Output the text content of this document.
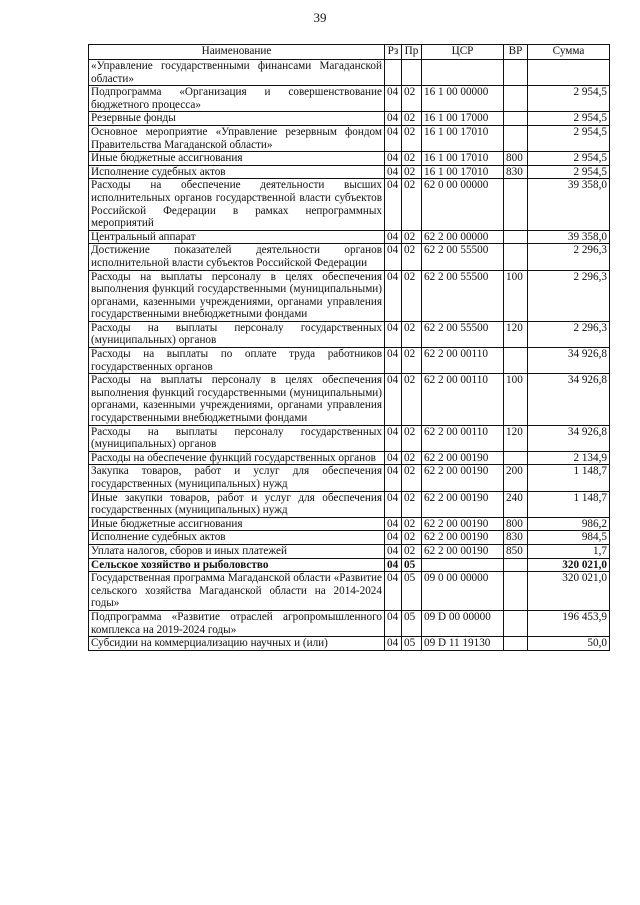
39
Наименование	Рз	Пр	ЦСР	ВР	Сумма
«Управление государственными финансами Магаданской области»					
Подпрограмма «Организация и совершенствование бюджетного процесса»	04	02	16 1 00 00000		2 954,5
Резервные фонды	04	02	16 1 00 17000		2 954,5
Основное мероприятие «Управление резервным фондом Правительства Магаданской области»	04	02	16 1 00 17010		2 954,5
Иные бюджетные ассигнования	04	02	16 1 00 17010	800	2 954,5
Исполнение судебных актов	04	02	16 1 00 17010	830	2 954,5
Расходы на обеспечение деятельности высших исполнительных органов государственной власти субъектов Российской Федерации в рамках непрограммных мероприятий	04	02	62 0 00 00000		39 358,0
Центральный аппарат	04	02	62 2 00 00000		39 358,0
Достижение показателей деятельности органов исполнительной власти субъектов Российской Федерации	04	02	62 2 00 55500		2 296,3
Расходы на выплаты персоналу в целях обеспечения выполнения функций государственными (муниципальными) органами, казенными учреждениями, органами управления государственными внебюджетными фондами	04	02	62 2 00 55500	100	2 296,3
Расходы на выплаты персоналу государственных (муниципальных) органов	04	02	62 2 00 55500	120	2 296,3
Расходы на выплаты по оплате труда работников государственных органов	04	02	62 2 00 00110		34 926,8
Расходы на выплаты персоналу в целях обеспечения выполнения функций государственными (муниципальными) органами, казенными учреждениями, органами управления государственными внебюджетными фондами	04	02	62 2 00 00110	100	34 926,8
Расходы на выплаты персоналу государственных (муниципальных) органов	04	02	62 2 00 00110	120	34 926,8
Расходы на обеспечение функций государственных органов	04	02	62 2 00 00190		2 134,9
Закупка товаров, работ и услуг для обеспечения государственных (муниципальных) нужд	04	02	62 2 00 00190	200	1 148,7
Иные закупки товаров, работ и услуг для обеспечения государственных (муниципальных) нужд	04	02	62 2 00 00190	240	1 148,7
Иные бюджетные ассигнования	04	02	62 2 00 00190	800	986,2
Исполнение судебных актов	04	02	62 2 00 00190	830	984,5
Уплата налогов, сборов и иных платежей	04	02	62 2 00 00190	850	1,7
Сельское хозяйство и рыболовство	04	05			320 021,0
Государственная программа Магаданской области «Развитие сельского хозяйства Магаданской области на 2014-2024 годы»	04	05	09 0 00 00000		320 021,0
Подпрограмма «Развитие отраслей агропромышленного комплекса на 2019-2024 годы»	04	05	09 D 00 00000		196 453,9
Субсидии на коммерциализацию научных и (или)	04	05	09 D 11 19130		50,0
